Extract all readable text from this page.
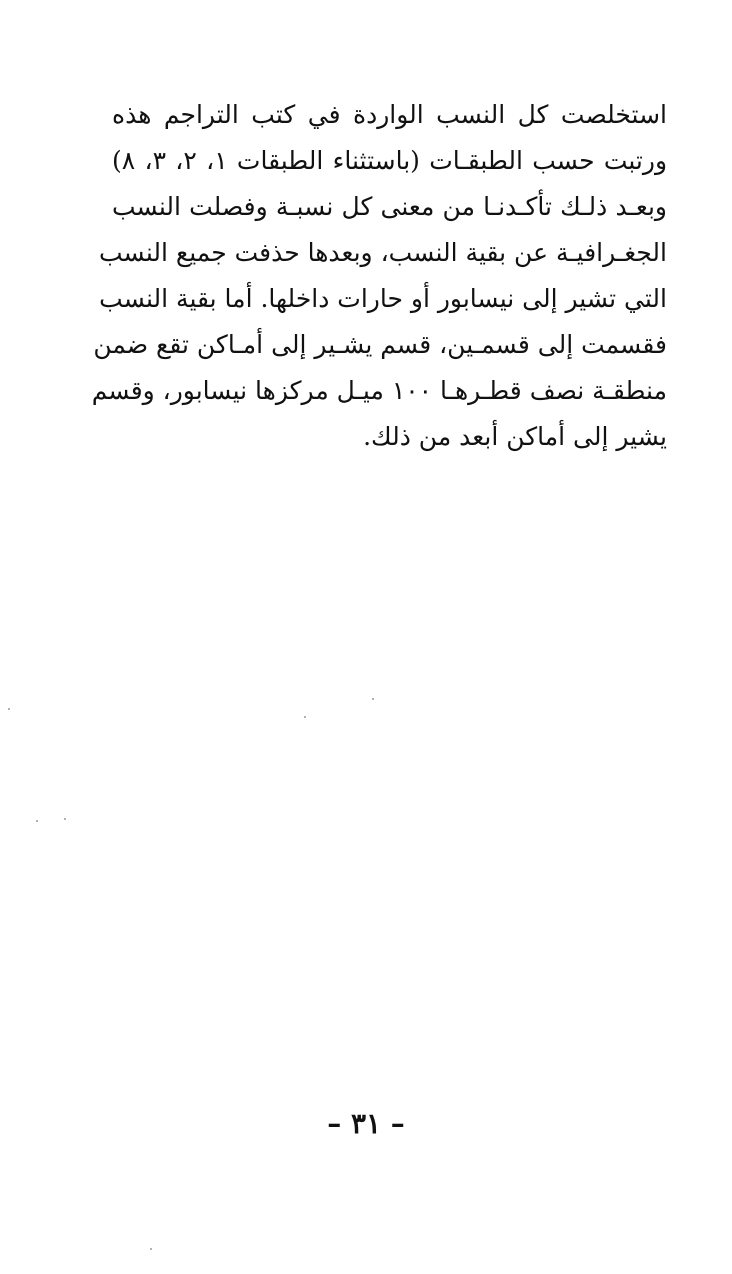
استخلصت كل النسب الواردة في كتب التراجم هذه
ورتبت حسب الطبقـات (باستثناء الطبقات ١، ٢، ٣، ٨)
وبعـد ذلـك تأكـدنـا من معنى كل نسبـة وفصلت النسب
الجغـرافيـة عن بقية النسب، وبعدها حذفت جميع النسب
التي تشير إلى نيسابور أو حارات داخلها. أما بقية النسب
فقسمت إلى قسمـين، قسم يشـير إلى أمـاكن تقع ضمن
منطقـة نصف قطـرهـا ١٠٠ ميـل مركزها نيسابور، وقسم
يشير إلى أماكن أبعد من ذلك.
– ٣١ –
